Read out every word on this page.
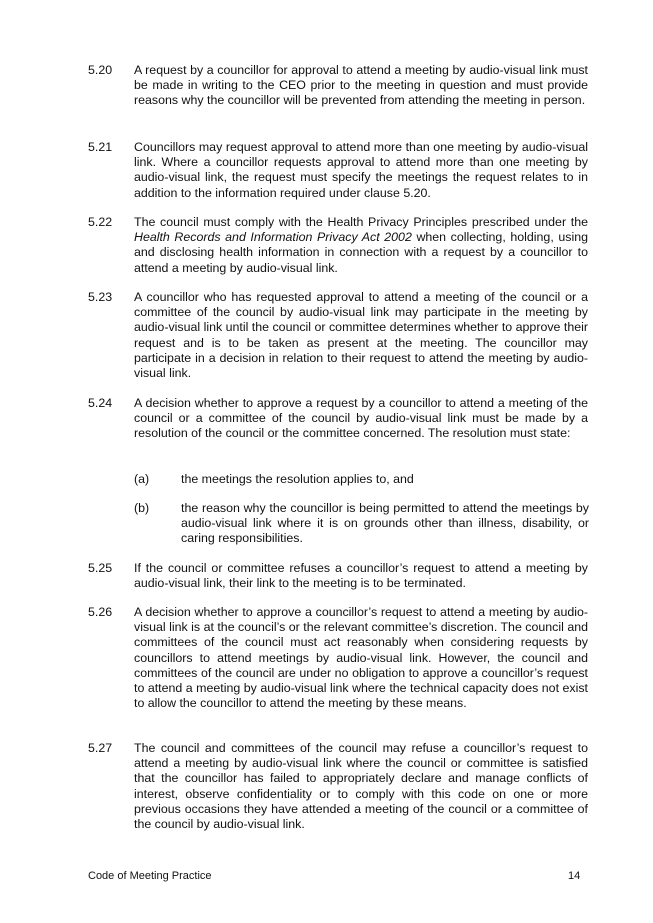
5.20 A request by a councillor for approval to attend a meeting by audio-visual link must be made in writing to the CEO prior to the meeting in question and must provide reasons why the councillor will be prevented from attending the meeting in person.
5.21 Councillors may request approval to attend more than one meeting by audio-visual link. Where a councillor requests approval to attend more than one meeting by audio-visual link, the request must specify the meetings the request relates to in addition to the information required under clause 5.20.
5.22 The council must comply with the Health Privacy Principles prescribed under the Health Records and Information Privacy Act 2002 when collecting, holding, using and disclosing health information in connection with a request by a councillor to attend a meeting by audio-visual link.
5.23 A councillor who has requested approval to attend a meeting of the council or a committee of the council by audio-visual link may participate in the meeting by audio-visual link until the council or committee determines whether to approve their request and is to be taken as present at the meeting. The councillor may participate in a decision in relation to their request to attend the meeting by audio-visual link.
5.24 A decision whether to approve a request by a councillor to attend a meeting of the council or a committee of the council by audio-visual link must be made by a resolution of the council or the committee concerned. The resolution must state:
(a)	the meetings the resolution applies to, and
(b)	the reason why the councillor is being permitted to attend the meetings by audio-visual link where it is on grounds other than illness, disability, or caring responsibilities.
5.25 If the council or committee refuses a councillor’s request to attend a meeting by audio-visual link, their link to the meeting is to be terminated.
5.26 A decision whether to approve a councillor’s request to attend a meeting by audio-visual link is at the council’s or the relevant committee’s discretion. The council and committees of the council must act reasonably when considering requests by councillors to attend meetings by audio-visual link. However, the council and committees of the council are under no obligation to approve a councillor’s request to attend a meeting by audio-visual link where the technical capacity does not exist to allow the councillor to attend the meeting by these means.
5.27 The council and committees of the council may refuse a councillor’s request to attend a meeting by audio-visual link where the council or committee is satisfied that the councillor has failed to appropriately declare and manage conflicts of interest, observe confidentiality or to comply with this code on one or more previous occasions they have attended a meeting of the council or a committee of the council by audio-visual link.
Code of Meeting Practice	14
